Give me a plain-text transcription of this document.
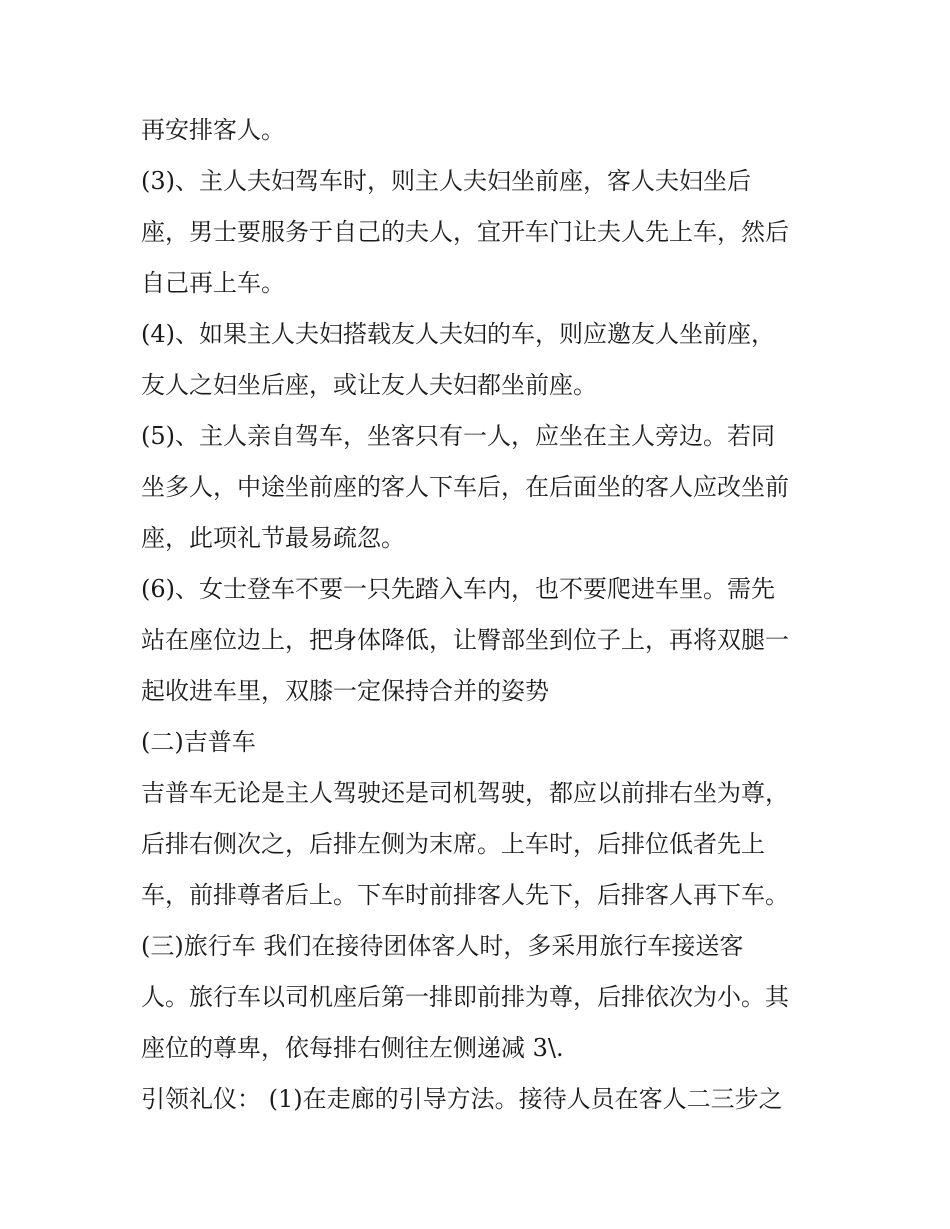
再安排客人。
(3)、主人夫妇驾车时，则主人夫妇坐前座，客人夫妇坐后
座，男士要服务于自己的夫人，宜开车门让夫人先上车，然后
自己再上车。
(4)、如果主人夫妇搭载友人夫妇的车，则应邀友人坐前座，
友人之妇坐后座，或让友人夫妇都坐前座。
(5)、主人亲自驾车，坐客只有一人，应坐在主人旁边。若同
坐多人，中途坐前座的客人下车后，在后面坐的客人应改坐前
座，此项礼节最易疏忽。
(6)、女士登车不要一只先踏入车内，也不要爬进车里。需先
站在座位边上，把身体降低，让臀部坐到位子上，再将双腿一
起收进车里，双膝一定保持合并的姿势
(二)吉普车
吉普车无论是主人驾驶还是司机驾驶，都应以前排右坐为尊，
后排右侧次之，后排左侧为末席。上车时，后排位低者先上
车，前排尊者后上。下车时前排客人先下，后排客人再下车。
(三)旅行车 我们在接待团体客人时，多采用旅行车接送客
人。旅行车以司机座后第一排即前排为尊，后排依次为小。其
座位的尊卑，依每排右侧往左侧递减 3\.
引领礼仪： (1)在走廊的引导方法。接待人员在客人二三步之
